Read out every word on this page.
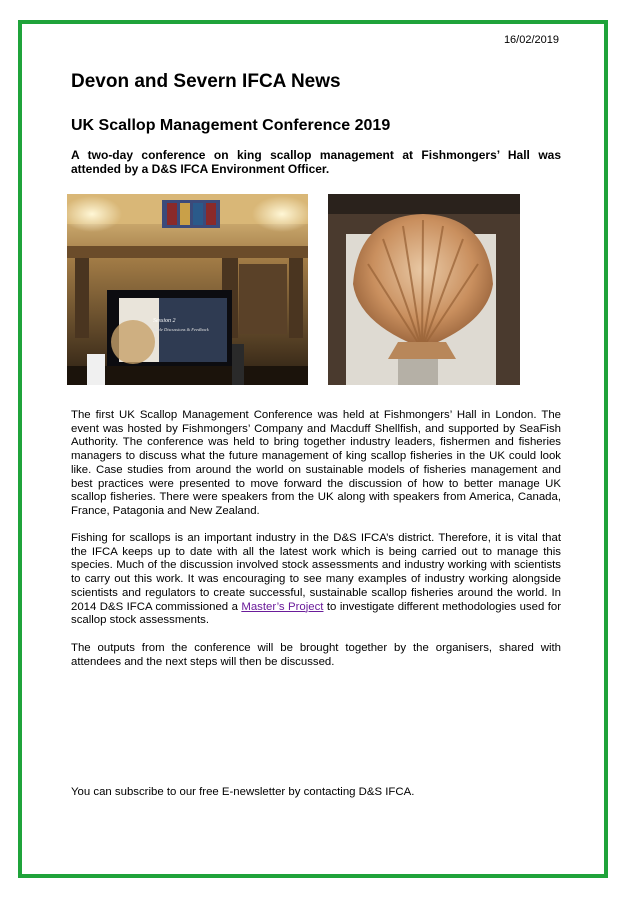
16/02/2019
Devon and Severn IFCA News
UK Scallop Management Conference 2019

A two-day conference on king scallop management at Fishmongers’ Hall was attended by a D&S IFCA Environment Officer.

Session 2
Table Discussions & Feedback

The first UK Scallop Management Conference was held at Fishmongers’ Hall in London. The event was hosted by Fishmongers’ Company and Macduff Shellfish, and supported by SeaFish Authority. The conference was held to bring together industry leaders, fishermen and fisheries managers to discuss what the future management of king scallop fisheries in the UK could look like. Case studies from around the world on sustainable models of fisheries management and best practices were presented to move forward the discussion of how to better manage UK scallop fisheries. There were speakers from the UK along with speakers from America, Canada, France, Patagonia and New Zealand.

Fishing for scallops is an important industry in the D&S IFCA’s district. Therefore, it is vital that the IFCA keeps up to date with all the latest work which is being carried out to manage this species. Much of the discussion involved stock assessments and industry working with scientists to carry out this work. It was encouraging to see many examples of industry working alongside scientists and regulators to create successful, sustainable scallop fisheries around the world. In 2014 D&S IFCA commissioned a Master’s Project to investigate different methodologies used for scallop stock assessments.

The outputs from the conference will be brought together by the organisers, shared with attendees and the next steps will then be discussed.

You can subscribe to our free E-newsletter by contacting D&S IFCA.
